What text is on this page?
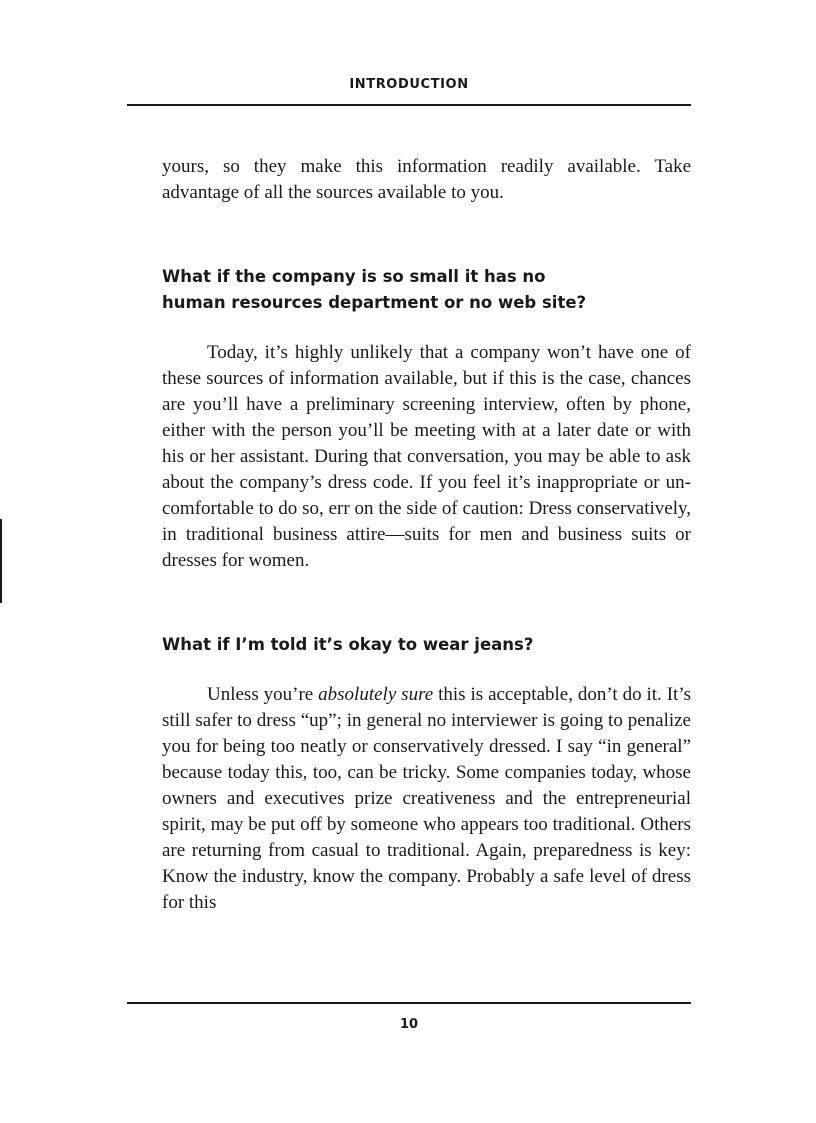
INTRODUCTION

yours, so they make this information readily available. Take advantage of all the sources available to you.

What if the company is so small it has no
human resources department or no web site?

Today, it’s highly unlikely that a company won’t have one of these sources of information available, but if this is the case, chances are you’ll have a preliminary screening interview, often by phone, either with the person you’ll be meeting with at a later date or with his or her assistant. During that conversation, you may be able to ask about the company’s dress code. If you feel it’s inappropriate or uncomfortable to do so, err on the side of caution: Dress conservatively, in traditional business attire—suits for men and business suits or dresses for women.

What if I’m told it’s okay to wear jeans?

Unless you’re absolutely sure this is acceptable, don’t do it. It’s still safer to dress “up”; in general no interviewer is going to penalize you for being too neatly or conservatively dressed. I say “in general” because today this, too, can be tricky. Some companies today, whose owners and executives prize creativeness and the entrepreneurial spirit, may be put off by someone who appears too traditional. Others are returning from casual to traditional. Again, preparedness is key: Know the industry, know the company. Probably a safe level of dress for this

10
